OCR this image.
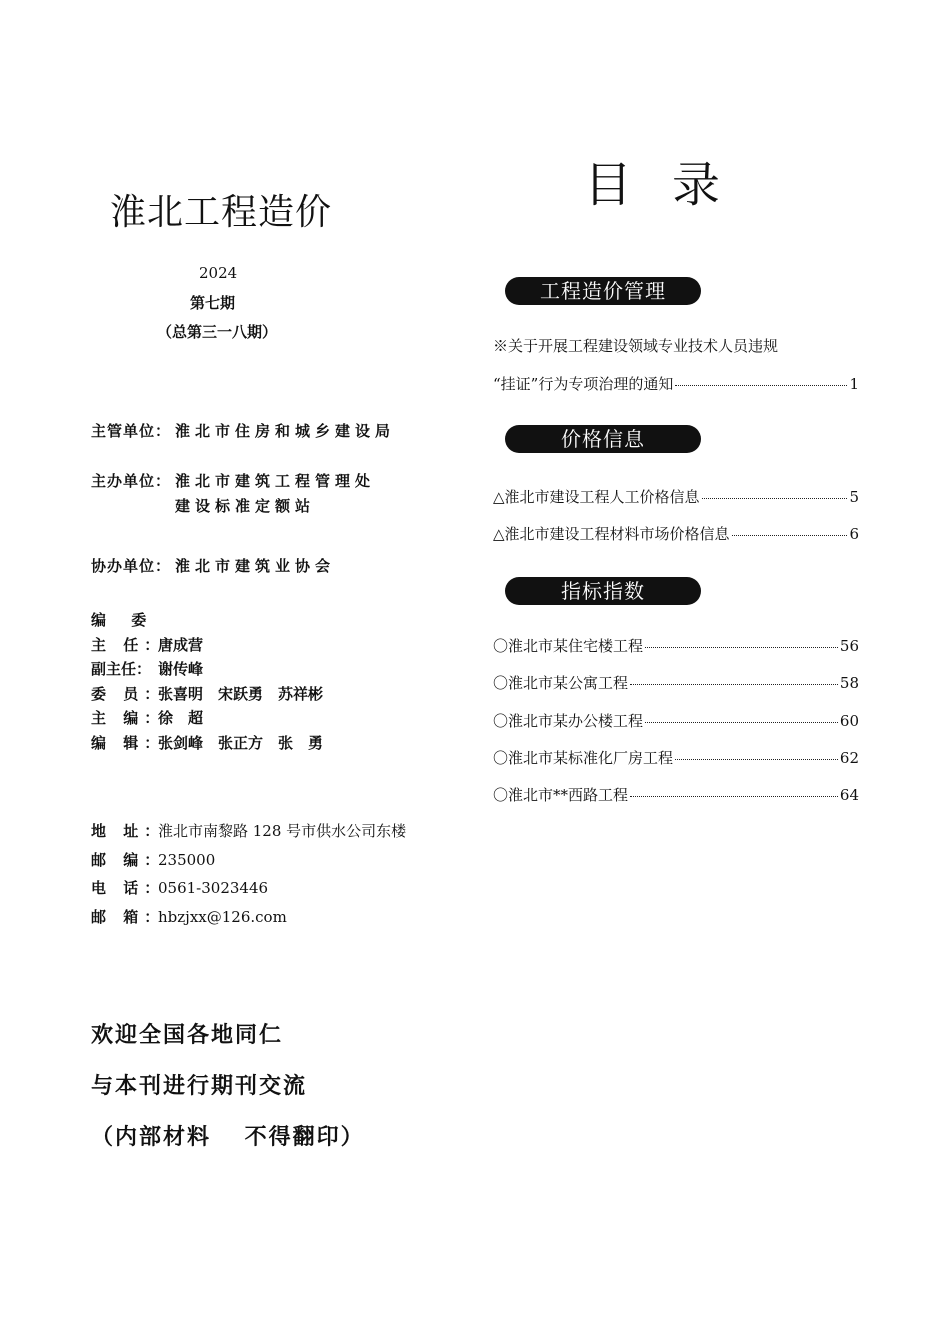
淮北工程造价
2024
第七期
（总第三一八期）
主管单位： 淮北市住房和城乡建设局
主办单位： 淮北市建筑工程管理处
建设标准定额站
协办单位： 淮北市建筑业协会
编 委
主 任：唐成营
副主任： 谢传峰
委 员：张喜明　宋跃勇　苏祥彬
主 编：徐　超
编 辑：张剑峰　张正方　张　勇
地 址：淮北市南黎路 128 号市供水公司东楼
邮 编：235000
电 话：0561-3023446
邮 箱：hbzjxx@126.com
欢迎全国各地同仁
与本刊进行期刊交流
（内部材料　 不得翻印）
目录
工程造价管理
※关于开展工程建设领域专业技术人员违规
“挂证”行为专项治理的通知	1
价格信息
△淮北市建设工程人工价格信息	5
△淮北市建设工程材料市场价格信息	6
指标指数
〇淮北市某住宅楼工程	56
〇淮北市某公寓工程	58
〇淮北市某办公楼工程	60
〇淮北市某标准化厂房工程	62
〇淮北市**西路工程	64
